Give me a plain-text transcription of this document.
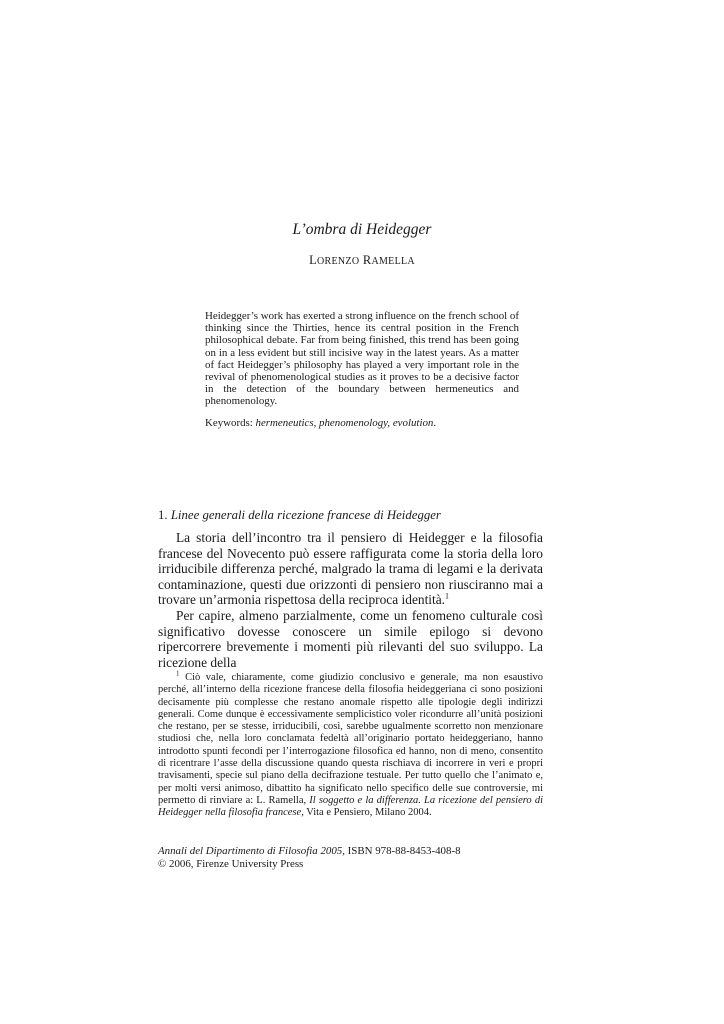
L’ombra di Heidegger
LORENZO RAMELLA
Heidegger’s work has exerted a strong influence on the french school of thinking since the Thirties, hence its central position in the French philosophical debate. Far from being finished, this trend has been going on in a less evident but still incisive way in the latest years. As a matter of fact Heidegger’s philosophy has played a very important role in the revival of phenomenological studies as it proves to be a decisive factor in the detection of the boundary between hermeneutics and phenomenology.
Keywords: hermeneutics, phenomenology, evolution.
1. Linee generali della ricezione francese di Heidegger

La storia dell’incontro tra il pensiero di Heidegger e la filosofia francese del Novecento può essere raffigurata come la storia della loro irriducibile differenza perché, malgrado la trama di legami e la derivata contaminazione, questi due orizzonti di pensiero non riusciranno mai a trovare un’armonia rispettosa della reciproca identità.$^1$

Per capire, almeno parzialmente, come un fenomeno culturale così significativo dovesse conoscere un simile epilogo si devono ripercorrere brevemente i momenti più rilevanti del suo sviluppo. La ricezione della

$^1$ Ciò vale, chiaramente, come giudizio conclusivo e generale, ma non esaustivo perché, all’interno della ricezione francese della filosofia heideggeriana ci sono posizioni decisamente più complesse che restano anomale rispetto alle tipologie degli indirizzi generali. Come dunque è eccessivamente semplicistico voler ricondurre all’unità posizioni che restano, per se stesse, irriducibili, così, sarebbe ugualmente scorretto non menzionare studiosi che, nella loro conclamata fedeltà all’originario portato heideggeriano, hanno introdotto spunti fecondi per l’interrogazione filosofica ed hanno, non di meno, consentito di ricentrare l’asse della discussione quando questa rischiava di incorrere in veri e propri travisamenti, specie sul piano della decifrazione testuale. Per tutto quello che l’animato e, per molti versi animoso, dibattito ha significato nello specifico delle sue controversie, mi permetto di rinviare a: L. Ramella, Il soggetto e la differenza. La ricezione del pensiero di Heidegger nella filosofia francese, Vita e Pensiero, Milano 2004.

Annali del Dipartimento di Filosofia 2005, ISBN 978-88-8453-408-8
© 2006, Firenze University Press
